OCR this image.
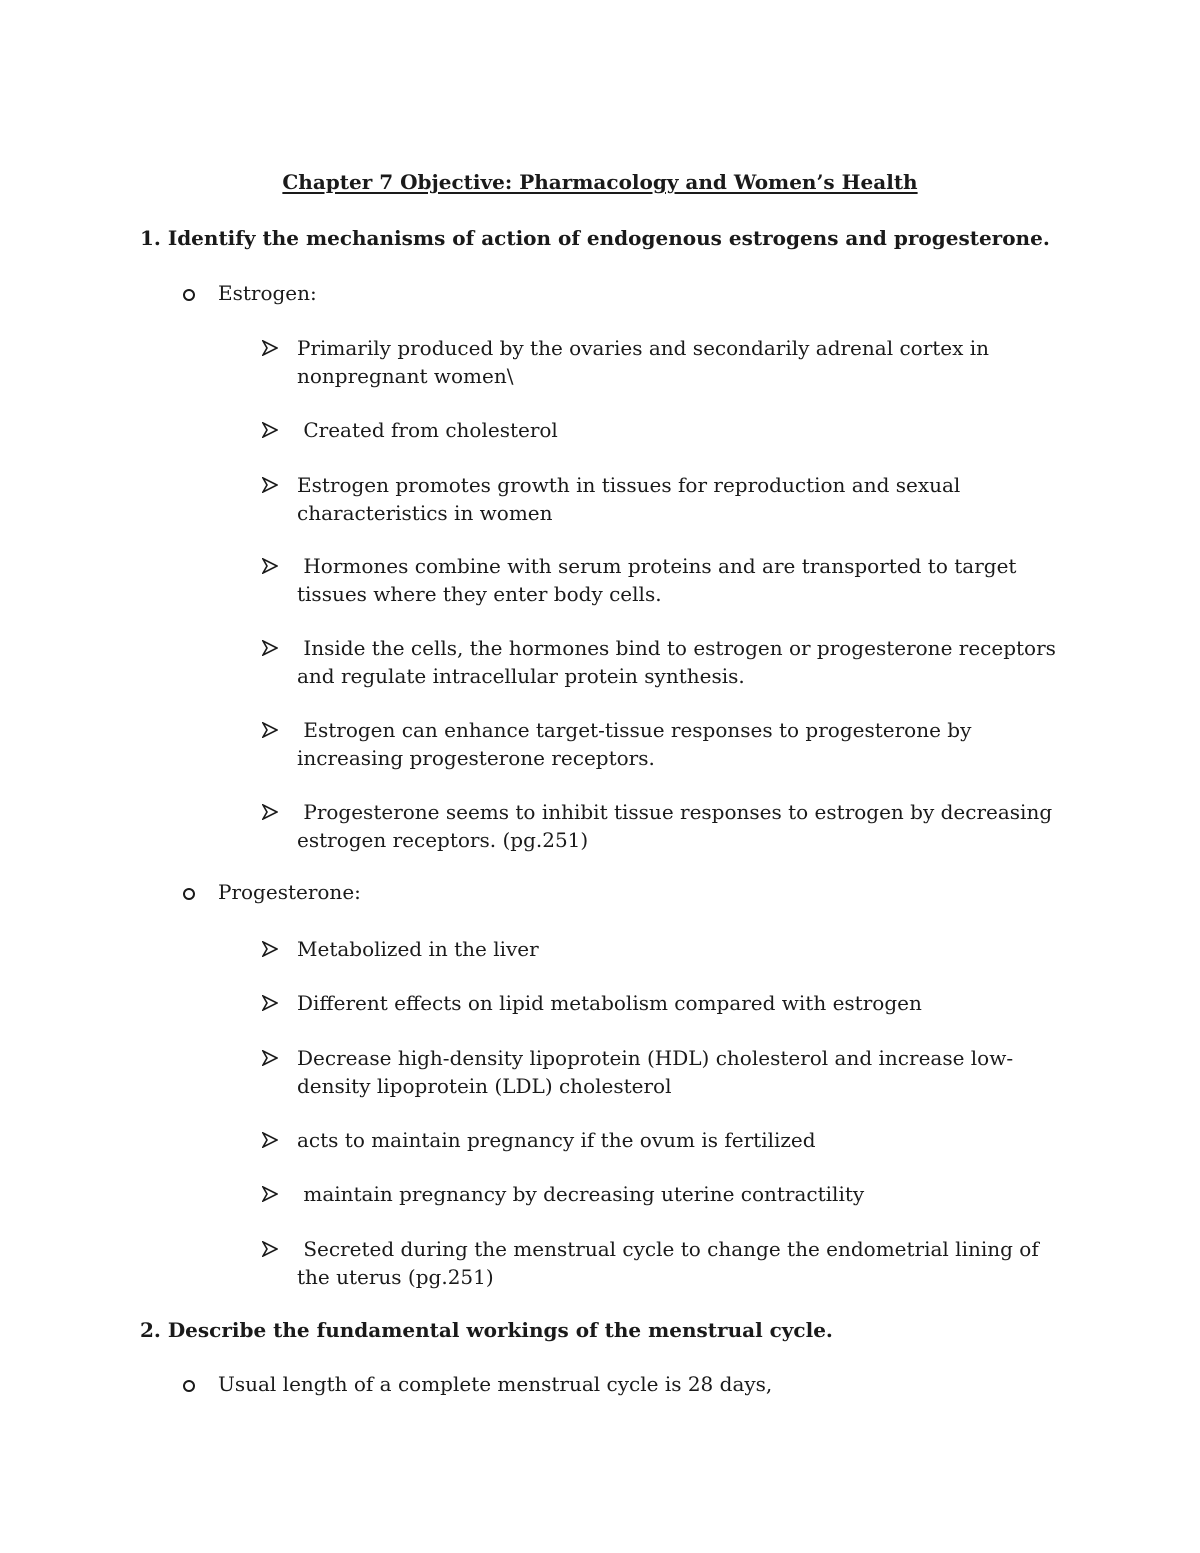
Chapter 7 Objective: Pharmacology and Women’s Health
1. Identify the mechanisms of action of endogenous estrogens and progesterone.
Estrogen:
Primarily produced by the ovaries and secondarily adrenal cortex in nonpregnant women\
Created from cholesterol
Estrogen promotes growth in tissues for reproduction and sexual characteristics in women
Hormones combine with serum proteins and are transported to target tissues where they enter body cells.
Inside the cells, the hormones bind to estrogen or progesterone receptors and regulate intracellular protein synthesis.
Estrogen can enhance target-tissue responses to progesterone by increasing progesterone receptors.
Progesterone seems to inhibit tissue responses to estrogen by decreasing estrogen receptors. (pg.251)
Progesterone:
Metabolized in the liver
Different effects on lipid metabolism compared with estrogen
Decrease high-density lipoprotein (HDL) cholesterol and increase low-density lipoprotein (LDL) cholesterol
acts to maintain pregnancy if the ovum is fertilized
maintain pregnancy by decreasing uterine contractility
Secreted during the menstrual cycle to change the endometrial lining of the uterus (pg.251)
2. Describe the fundamental workings of the menstrual cycle.
Usual length of a complete menstrual cycle is 28 days,
